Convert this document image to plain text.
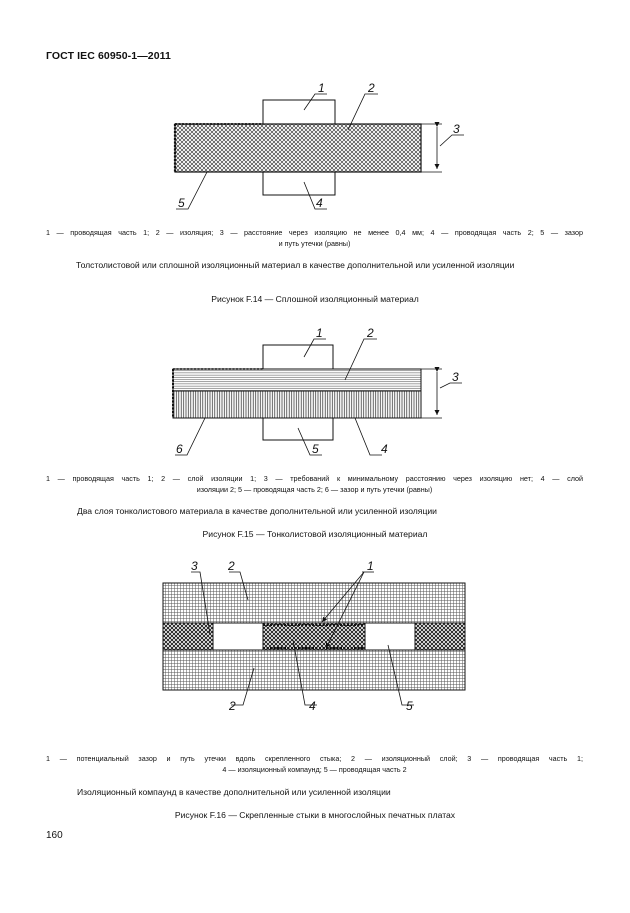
ГОСТ IEC 60950-1—2011
1	2
3
4
5
1	2
3
4
5
6
1
2
3
2	4	5
1 — проводящая часть 1; 2 — изоляция; 3 — расстояние через изоляцию не менее 0,4 мм; 4 — проводящая часть 2; 5 — зазор
и путь утечки (равны)
Толстолистовой или сплошной изоляционный материал в качестве дополнительной или усиленной изоляции
Рисунок F.14 — Сплошной изоляционный материал
1 — проводящая часть 1; 2 — слой изоляции 1; 3 — требований к минимальному расстоянию через изоляцию нет; 4 — слой
изоляции 2; 5 — проводящая часть 2; 6 — зазор и путь утечки (равны)
Два слоя тонколистового материала в качестве дополнительной или усиленной изоляции
Рисунок F.15 — Тонколистовой изоляционный материал
1 — потенциальный зазор и путь утечки вдоль скрепленного стыка; 2 — изоляционный слой; 3 — проводящая часть 1;
4 — изоляционный компаунд; 5 — проводящая часть 2
Изоляционный компаунд в качестве дополнительной или усиленной изоляции
Рисунок F.16 — Скрепленные стыки в многослойных печатных платах
160
